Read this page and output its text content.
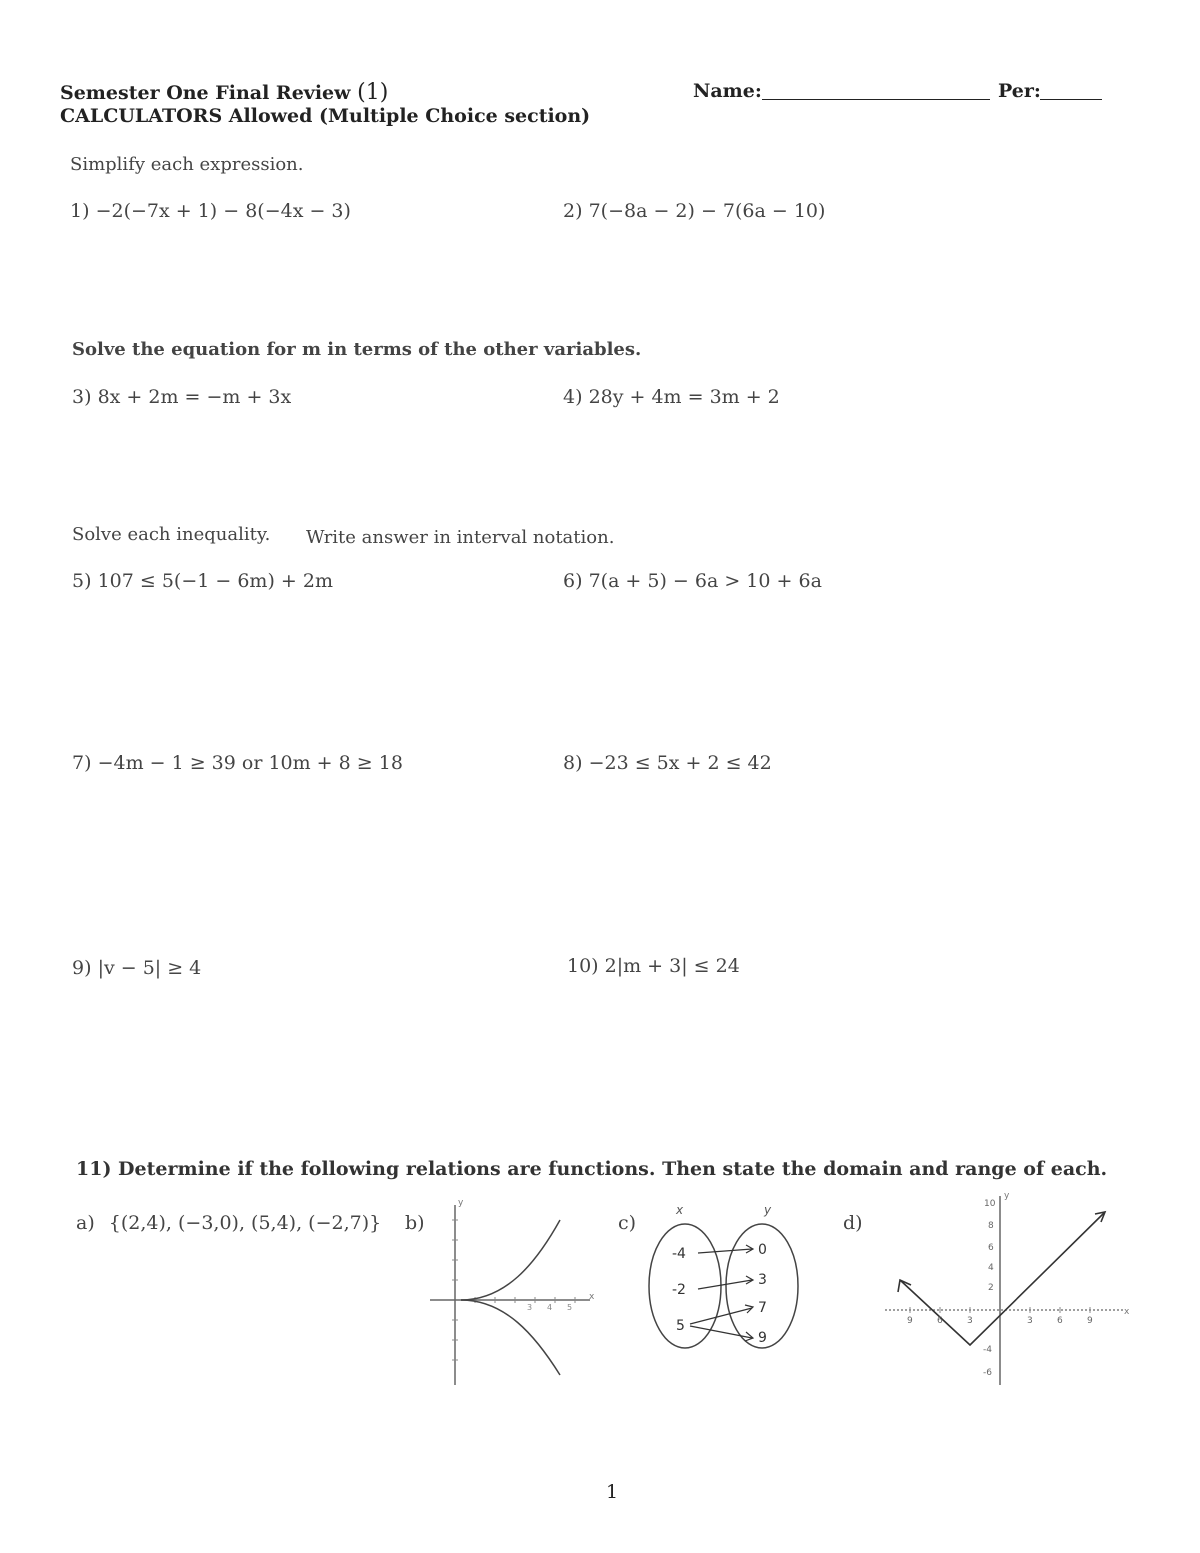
Semester One Final Review (1)
CALCULATORS Allowed (Multiple Choice section)
Name:	Per:
Simplify each expression.
1) −2(−7x + 1) − 8(−4x − 3)	2) 7(−8a − 2) − 7(6a − 10)
Solve the equation for m in terms of the other variables.
3) 8x + 2m = −m + 3x	4) 28y + 4m = 3m + 2
Solve each inequality. Write answer in interval notation.
5) 107 ≤ 5(−1 − 6m) + 2m	6) 7(a + 5) − 6a > 10 + 6a
7) −4m − 1 ≥ 39 or 10m + 8 ≥ 18	8) −23 ≤ 5x + 2 ≤ 42
9) |v − 5| ≥ 4	10) 2|m + 3| ≤ 24
11) Determine if the following relations are functions. Then state the domain and range of each.
a) {(2,4), (−3,0), (5,4), (−2,7)} b)	c)	d)
y
x
3 4 5
x	y
-4
-2
5
0
3
7
9
y
x
10
8
6
4
2
-4
-6
9	6	3	3	6	9
1
